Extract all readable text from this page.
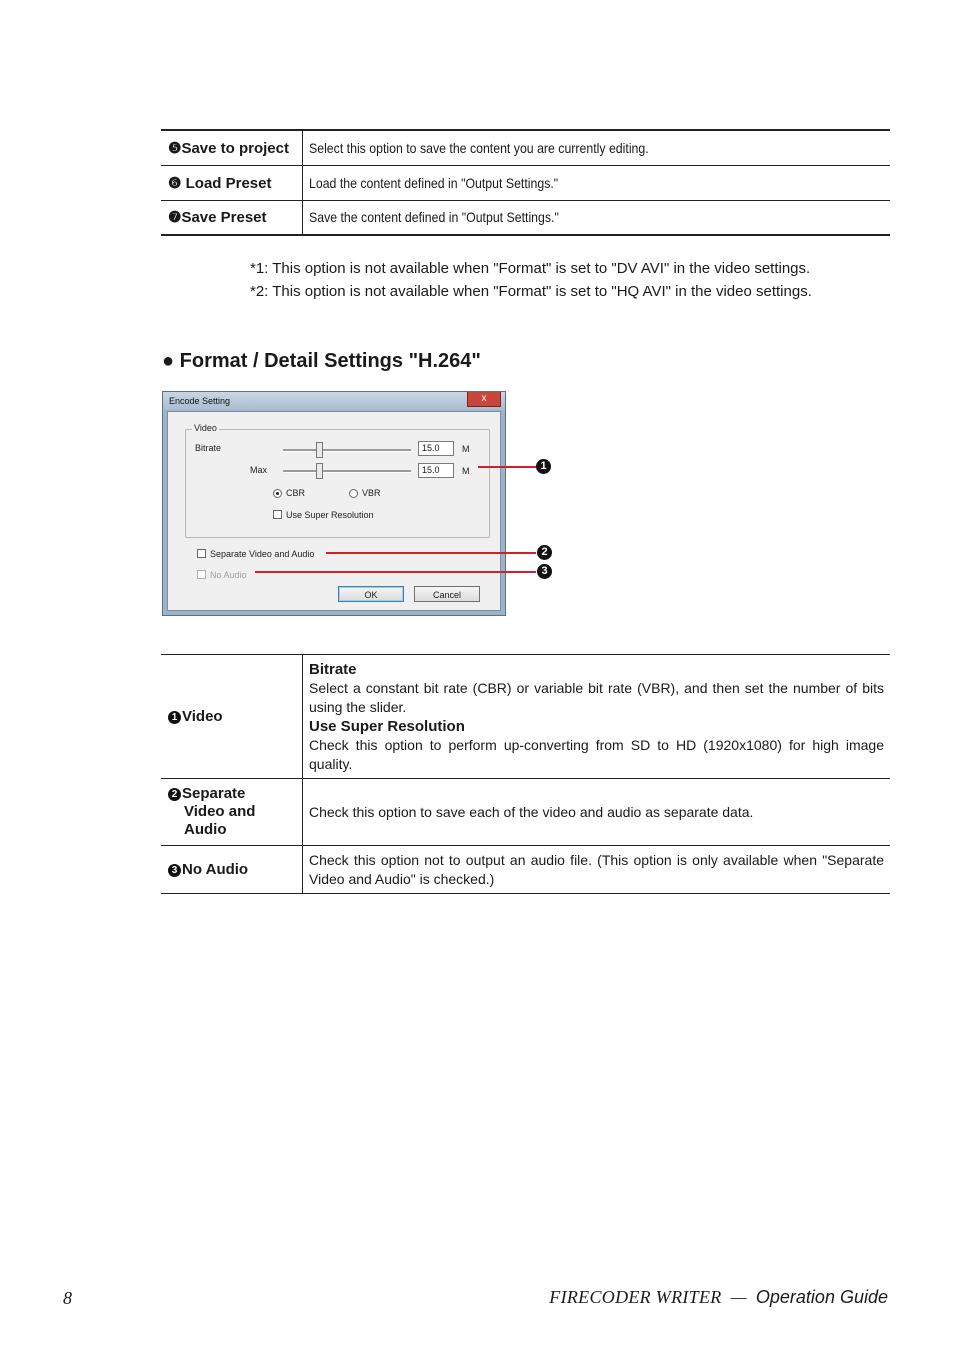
❺Save to project	Select this option to save the content you are currently editing.
❻ Load Preset	Load the content defined in "Output Settings."
❼Save Preset	Save the content defined in "Output Settings."
*1: This option is not available when "Format" is set to "DV AVI" in the video settings.
*2: This option is not available when "Format" is set to "HQ AVI" in the video settings.
● Format / Detail Settings "H.264"
Encode Setting	x
Video
Bitrate	15.0	M
Max	15.0	M
CBR	VBR
Use Super Resolution
Separate Video and Audio
No Audio
OK	Cancel
1
2
3
1 Video	Bitrate
Select a constant bit rate (CBR) or variable bit rate (VBR), and then set the number of bits using the slider.
Use Super Resolution
Check this option to perform up-converting from SD to HD (1920x1080) for high image quality.

2 Separate
Video and
Audio	Check this option to save each of the video and audio as separate data.

3 No Audio	Check this option not to output an audio file. (This option is only available when "Separate Video and Audio" is checked.)
8	FIRECODER WRITER — Operation Guide
